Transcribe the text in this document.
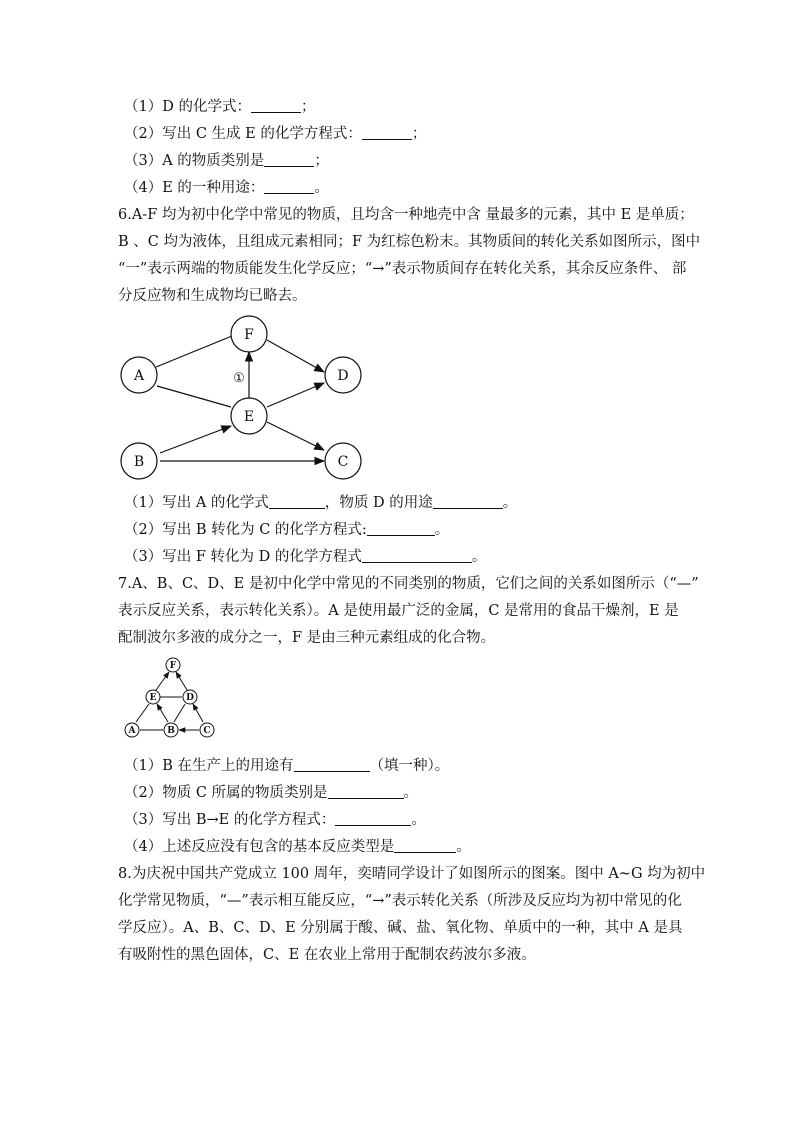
（1）D 的化学式：	；
（2）写出 C 生成 E 的化学方程式：	；
（3）A 的物质类别是	；
（4）E 的一种用途：	。
6.A-F 均为初中化学中常见的物质，且均含一种地壳中含 量最多的元素，其中 E 是单质；
B 、C 均为液体，且组成元素相同；F 为红棕色粉末。其物质间的转化关系如图所示，图中
“一”表示两端的物质能发生化学反应；“→”表示物质间存在转化关系，其余反应条件、 部
分反应物和生成物均已略去。
A
B
F
E
D
C
①
（1）写出 A 的化学式	，物质 D 的用途	。
（2）写出 B 转化为 C 的化学方程式:	。
（3）写出 F 转化为 D 的化学方程式	。
7.A、B、C、D、E 是初中化学中常见的不同类别的物质，它们之间的关系如图所示（“—”
表示反应关系，表示转化关系）。A 是使用最广泛的金属，C 是常用的食品干燥剂，E 是
配制波尔多液的成分之一，F 是由三种元素组成的化合物。
F
E	D
A	B	C
（1）B 在生产上的用途有	（填一种）。
（2）物质 C 所属的物质类别是	。
（3）写出 B→E 的化学方程式：	。
（4）上述反应没有包含的基本反应类型是	。
8.为庆祝中国共产党成立 100 周年，奕晴同学设计了如图所示的图案。图中 A~G 均为初中
化学常见物质，“—”表示相互能反应，“→”表示转化关系（所涉及反应均为初中常见的化
学反应）。A、B、C、D、E 分别属于酸、碱、盐、氧化物、单质中的一种，其中 A 是具
有吸附性的黑色固体，C、E 在农业上常用于配制农药波尔多液。
